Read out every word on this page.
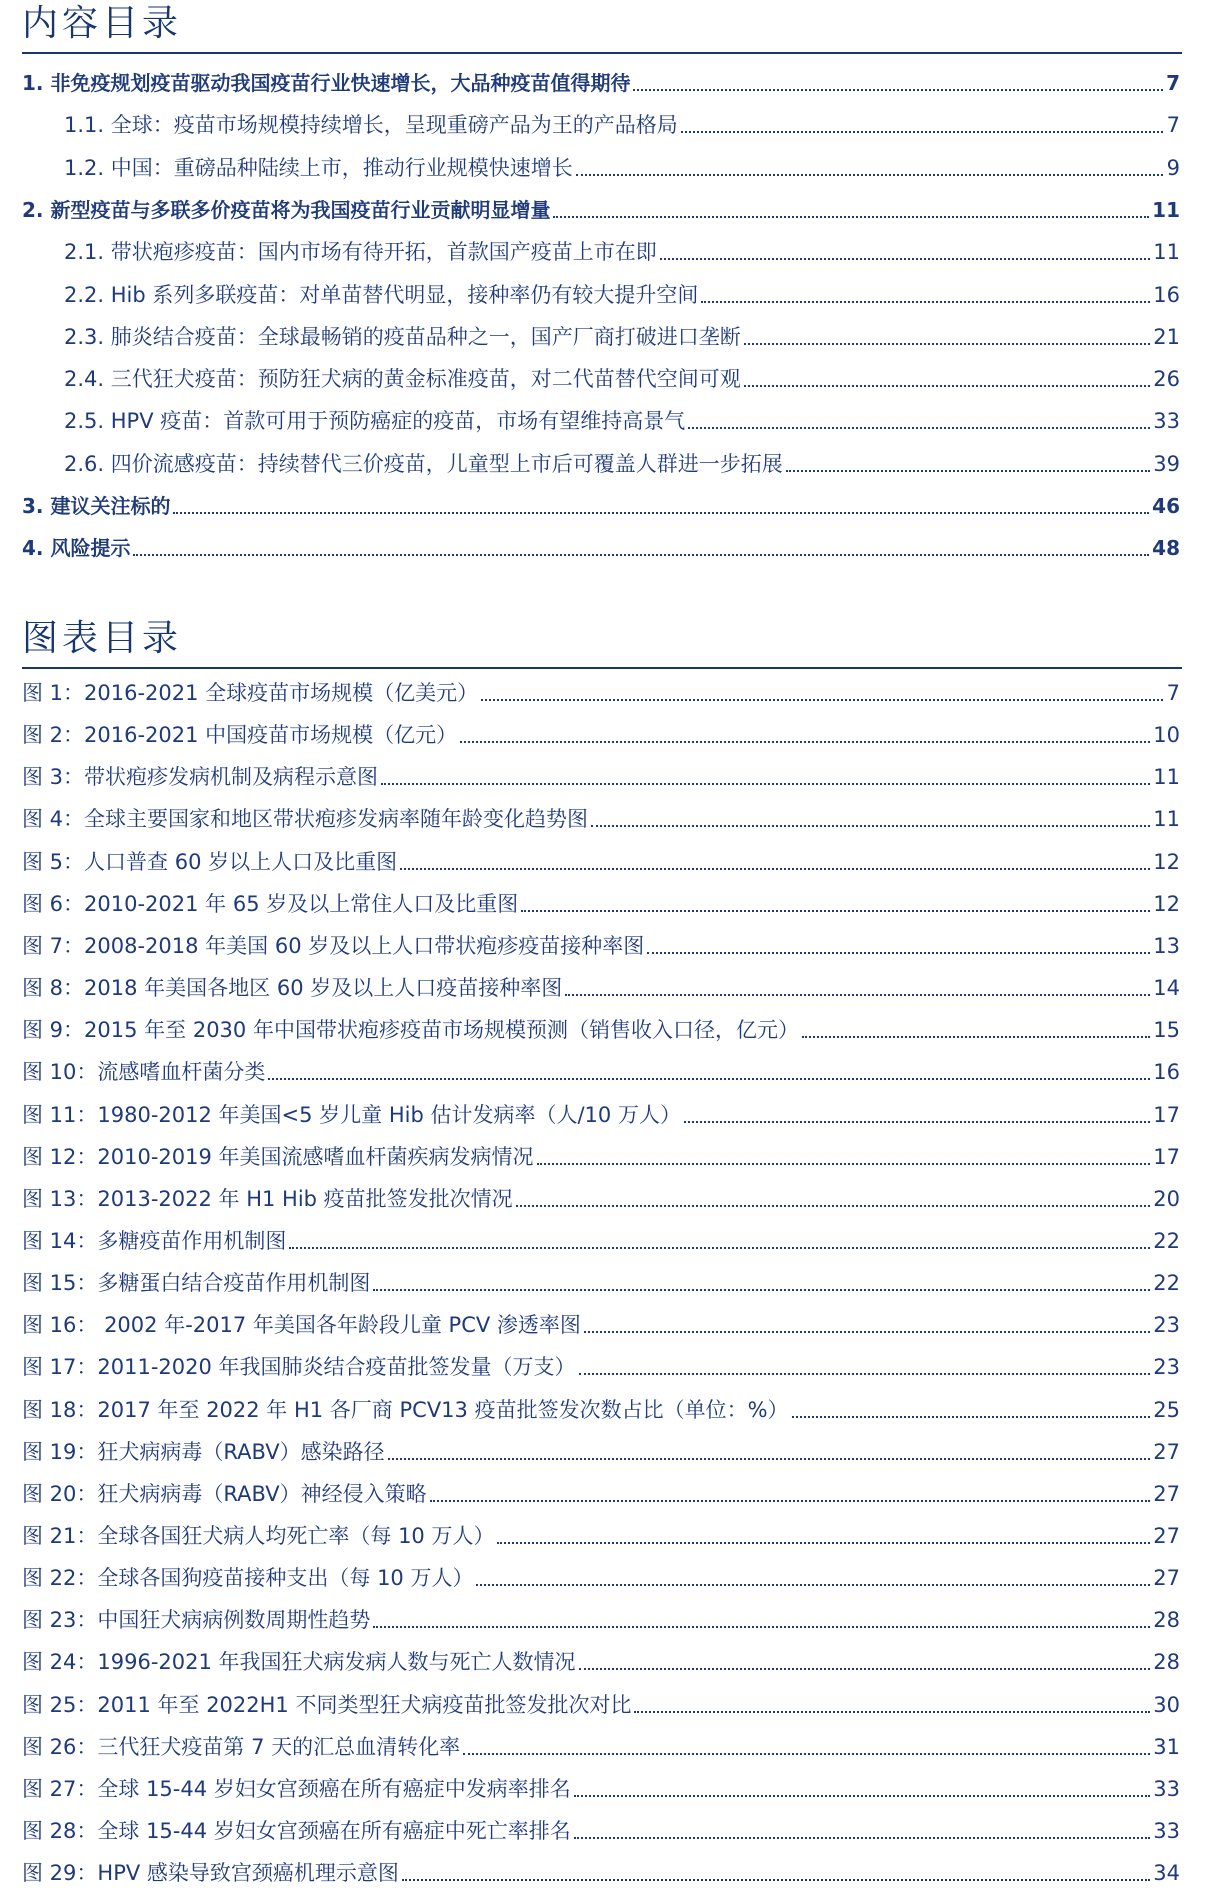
内容目录
1. 非免疫规划疫苗驱动我国疫苗行业快速增长，大品种疫苗值得期待	7
1.1. 全球：疫苗市场规模持续增长，呈现重磅产品为王的产品格局	7
1.2. 中国：重磅品种陆续上市，推动行业规模快速增长	9
2. 新型疫苗与多联多价疫苗将为我国疫苗行业贡献明显增量	11
2.1. 带状疱疹疫苗：国内市场有待开拓，首款国产疫苗上市在即	11
2.2. Hib 系列多联疫苗：对单苗替代明显，接种率仍有较大提升空间	16
2.3. 肺炎结合疫苗：全球最畅销的疫苗品种之一，国产厂商打破进口垄断	21
2.4. 三代狂犬疫苗：预防狂犬病的黄金标准疫苗，对二代苗替代空间可观	26
2.5. HPV 疫苗：首款可用于预防癌症的疫苗，市场有望维持高景气	33
2.6. 四价流感疫苗：持续替代三价疫苗，儿童型上市后可覆盖人群进一步拓展	39
3. 建议关注标的	46
4. 风险提示	48
图表目录
图 1：2016-2021 全球疫苗市场规模（亿美元）	7
图 2：2016-2021 中国疫苗市场规模（亿元）	10
图 3：带状疱疹发病机制及病程示意图	11
图 4：全球主要国家和地区带状疱疹发病率随年龄变化趋势图	11
图 5：人口普查 60 岁以上人口及比重图	12
图 6：2010-2021 年 65 岁及以上常住人口及比重图	12
图 7：2008-2018 年美国 60 岁及以上人口带状疱疹疫苗接种率图	13
图 8：2018 年美国各地区 60 岁及以上人口疫苗接种率图	14
图 9：2015 年至 2030 年中国带状疱疹疫苗市场规模预测（销售收入口径，亿元）	15
图 10：流感嗜血杆菌分类	16
图 11：1980-2012 年美国<5 岁儿童 Hib 估计发病率（人/10 万人）	17
图 12：2010-2019 年美国流感嗜血杆菌疾病发病情况	17
图 13：2013-2022 年 H1 Hib 疫苗批签发批次情况	20
图 14：多糖疫苗作用机制图	22
图 15：多糖蛋白结合疫苗作用机制图	22
图 16： 2002 年-2017 年美国各年龄段儿童 PCV 渗透率图	23
图 17：2011-2020 年我国肺炎结合疫苗批签发量（万支）	23
图 18：2017 年至 2022 年 H1 各厂商 PCV13 疫苗批签发次数占比（单位：%）	25
图 19：狂犬病病毒（RABV）感染路径	27
图 20：狂犬病病毒（RABV）神经侵入策略	27
图 21：全球各国狂犬病人均死亡率（每 10 万人）	27
图 22：全球各国狗疫苗接种支出（每 10 万人）	27
图 23：中国狂犬病病例数周期性趋势	28
图 24：1996-2021 年我国狂犬病发病人数与死亡人数情况	28
图 25：2011 年至 2022H1 不同类型狂犬病疫苗批签发批次对比	30
图 26：三代狂犬疫苗第 7 天的汇总血清转化率	31
图 27：全球 15-44 岁妇女宫颈癌在所有癌症中发病率排名	33
图 28：全球 15-44 岁妇女宫颈癌在所有癌症中死亡率排名	33
图 29：HPV 感染导致宫颈癌机理示意图	34
